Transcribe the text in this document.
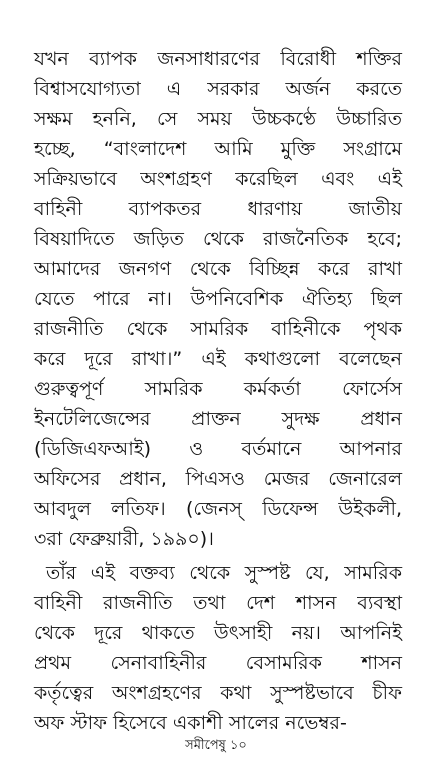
যখন ব্যাপক জনসাধারণের বিরোধী শক্তির
বিশ্বাসযোগ্যতা এ সরকার অর্জন করতে
সক্ষম হননি, সে সময় উচ্চকণ্ঠে উচ্চারিত
হচ্ছে, “বাংলাদেশ আমি মুক্তি সংগ্রামে
সক্রিয়ভাবে অংশগ্রহণ করেছিল এবং এই
বাহিনী ব্যাপকতর ধারণায় জাতীয়
বিষয়াদিতে জড়িত থেকে রাজনৈতিক হবে;
আমাদের জনগণ থেকে বিচ্ছিন্ন করে রাখা
যেতে পারে না। উপনিবেশিক ঐতিহ্য ছিল
রাজনীতি থেকে সামরিক বাহিনীকে পৃথক
করে দূরে রাখা।” এই কথাগুলো বলেছেন
গুরুত্বপূর্ণ সামরিক কর্মকর্তা ফোর্সেস
ইনটেলিজেন্সের প্রাক্তন সুদক্ষ প্রধান
(ডিজিএফআই) ও বর্তমানে আপনার
অফিসের প্রধান, পিএসও মেজর জেনারেল
আবদুল লতিফ। (জেনস্ ডিফেন্স উইকলী,
৩রা ফেব্রুয়ারী, ১৯৯০)।
তাঁর এই বক্তব্য থেকে সুস্পষ্ট যে, সামরিক
বাহিনী রাজনীতি তথা দেশ শাসন ব্যবস্থা
থেকে দূরে থাকতে উৎসাহী নয়। আপনিই
প্রথম সেনাবাহিনীর বেসামরিক শাসন
কর্তৃত্বের অংশগ্রহণের কথা সুস্পষ্টভাবে চীফ
অফ স্টাফ হিসেবে একাশী সালের নভেম্বর-
সমীপেষু ১০
